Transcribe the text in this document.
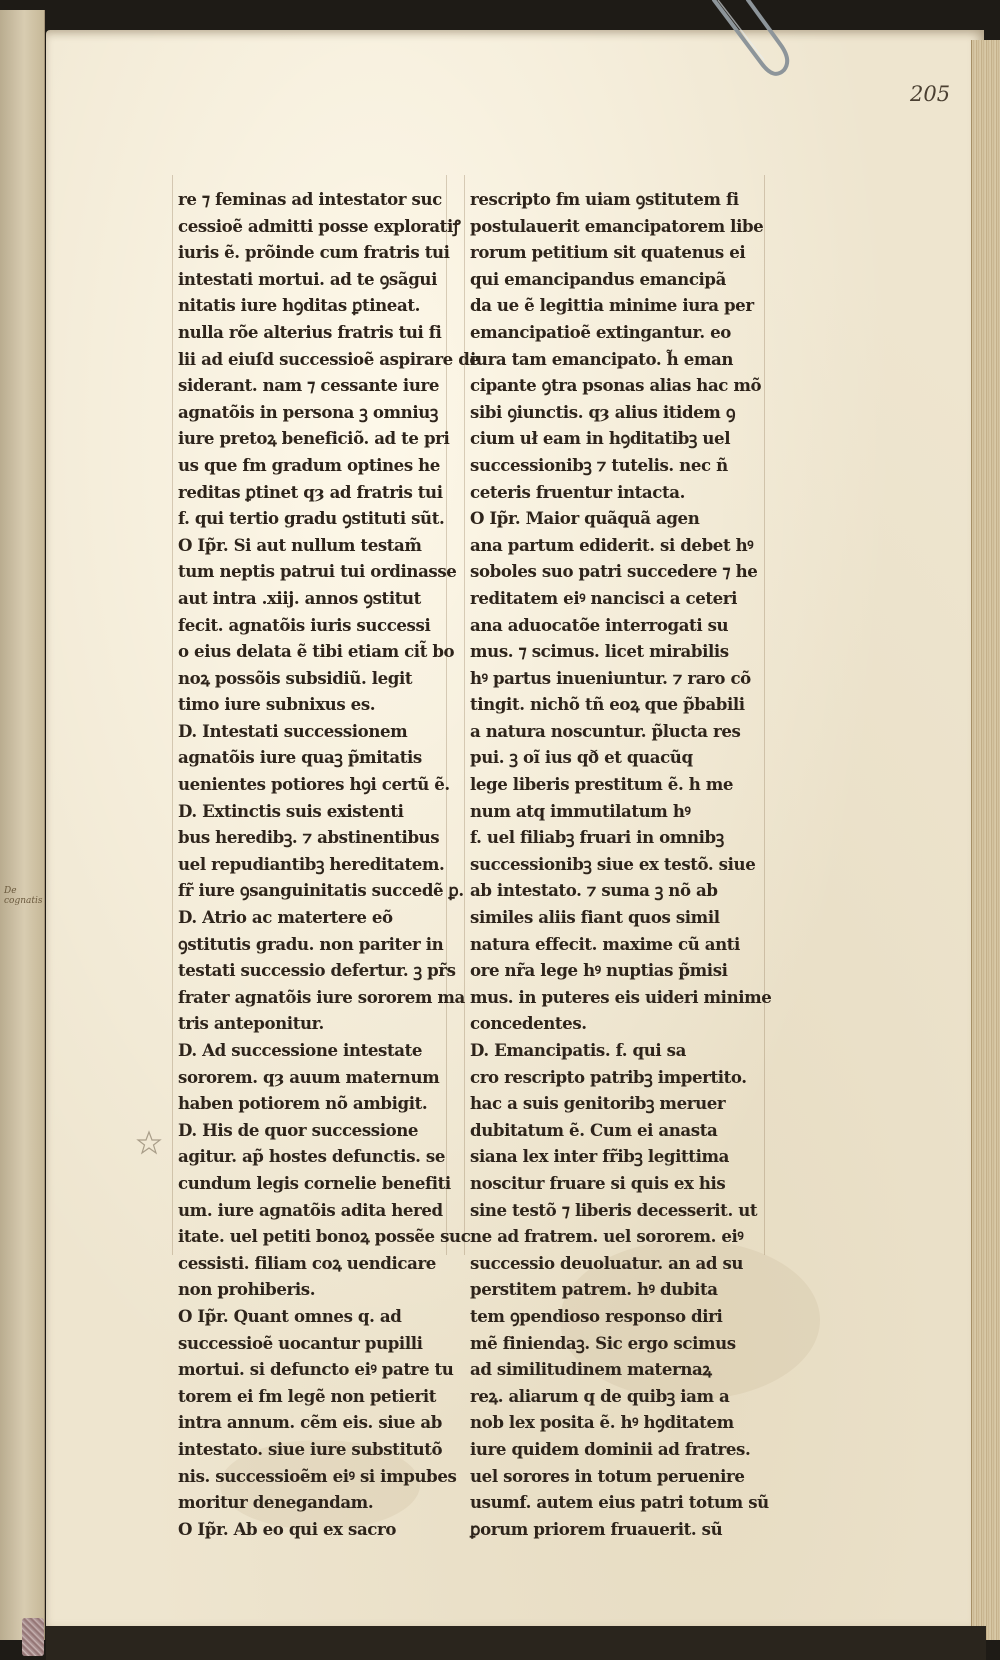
De cognatis
205
re ⁊ feminas ad intestator suc
cessioẽ admitti posse exploratiꝭ
iuris ẽ. prõinde cum fratris tui
intestati mortui. ad te ꝯsãgui
nitatis iure hꝯditas ꝑtineat.
nulla rõe alterius fratris tui fi
lii ad eiuſd successioẽ aspirare de
siderant. nam ⁊ cessante iure
agnatõis in persona ꝫ omniuꝫ
iure pretoꝝ beneficiõ. ad te pri
us que fm gradum optines he
reditas ꝑtinet qȝ ad fratris tui
f. qui tertio gradu ꝯstituti sũt.
O Ip̃r. Si aut nullum testam̃
tum neptis patrui tui ordinasse
aut intra .xiij. annos ꝯstitut
fecit. agnatõis iuris successi
o eius delata ẽ tibi etiam cit̃ bo
noꝝ possõis subsidiũ. legit
timo iure subnixus es.
D. Intestati successionem
agnatõis iure quaꝫ p̃mitatis
uenientes potiores hꝯi certũ ẽ.
D. Extinctis suis existenti
bus heredibꝫ. ⁊ abstinentibus
uel repudiantibꝫ hereditatem.
fr̃ iure ꝯsanguinitatis succedẽ ꝑ.
D. Atrio ac matertere eõ
ꝯstitutis gradu. non pariter in
testati successio defertur. ꝫ pr̃s
frater agnatõis iure sororem ma
tris anteponitur.
D. Ad successione intestate
sororem. qȝ auum maternum
haben potiorem nõ ambigit.
D. His de quor successione
agitur. ap̃ hostes defunctis. se
cundum legis cornelie benefiti
um. iure agnatõis adita hered
itate. uel petiti bonoꝝ possẽe suc
cessisti. filiam coꝝ uendicare
non prohiberis.
O Ip̃r. Quant omnes q. ad
successioẽ uocantur pupilli
mortui. si defuncto eiꝰ patre tu
torem ei fm legẽ non petierit
intra annum. cẽm eis. siue ab
intestato. siue iure substitutõ
nis. successioẽm eiꝰ si impubes
moritur denegandam.
O Ip̃r. Ab eo qui ex sacro
rescripto fm uiam ꝯstitutem fi
postulauerit emancipatorem libe
rorum petitium sit quatenus ei
qui emancipandus emancipã
da ue ẽ legittia minime iura per
emancipatioẽ extingantur. eo
iura tam emancipato. h̃ eman
cipante ꝯtra psonas alias hac mõ
sibi ꝯiunctis. qȝ alius itidem ꝯ
cium uł eam in hꝯditatibꝫ uel
successionibꝫ ⁊ tutelis. nec ñ
ceteris fruentur intacta.
O Ip̃r. Maior quãquã agen
ana partum ediderit. si debet hꝰ
soboles suo patri succedere ⁊ he
reditatem eiꝰ nancisci a ceteri
ana aduocatõe interrogati su
mus. ⁊ scimus. licet mirabilis
hꝰ partus inueniuntur. ⁊ raro cõ
tingit. nichõ tñ eoꝝ que p̃babili
a natura noscuntur. p̃lucta res
pui. ꝫ oĩ ius qð et quacũq
lege liberis prestitum ẽ. h me
num atq immutilatum hꝰ
f. uel filiabꝫ fruari in omnibꝫ
successionibꝫ siue ex testõ. siue
ab intestato. ⁊ suma ꝫ nõ ab
similes aliis fiant quos simil
natura effecit. maxime cũ anti
ore nr̃a lege hꝰ nuptias p̃misi
mus. in puteres eis uideri minime
concedentes.
D. Emancipatis. f. qui sa
cro rescripto patribꝫ impertito.
hac a suis genitoribꝫ meruer
dubitatum ẽ. Cum ei anasta
siana lex inter fr̃ibꝫ legittima
noscitur fruare si quis ex his
sine testõ ⁊ liberis decesserit. ut
ne ad fratrem. uel sororem. eiꝰ
successio deuoluatur. an ad su
perstitem patrem. hꝰ dubita
tem ꝯpendioso responso diri
mẽ finiendaꝫ. Sic ergo scimus
ad similitudinem maternaꝝ
reꝝ. aliarum q de quibꝫ iam a
nob lex posita ẽ. hꝰ hꝯditatem
iure quidem dominii ad fratres.
uel sorores in totum peruenire
usumf. autem eius patri totum sũ
ꝑorum priorem fruauerit. sũ
